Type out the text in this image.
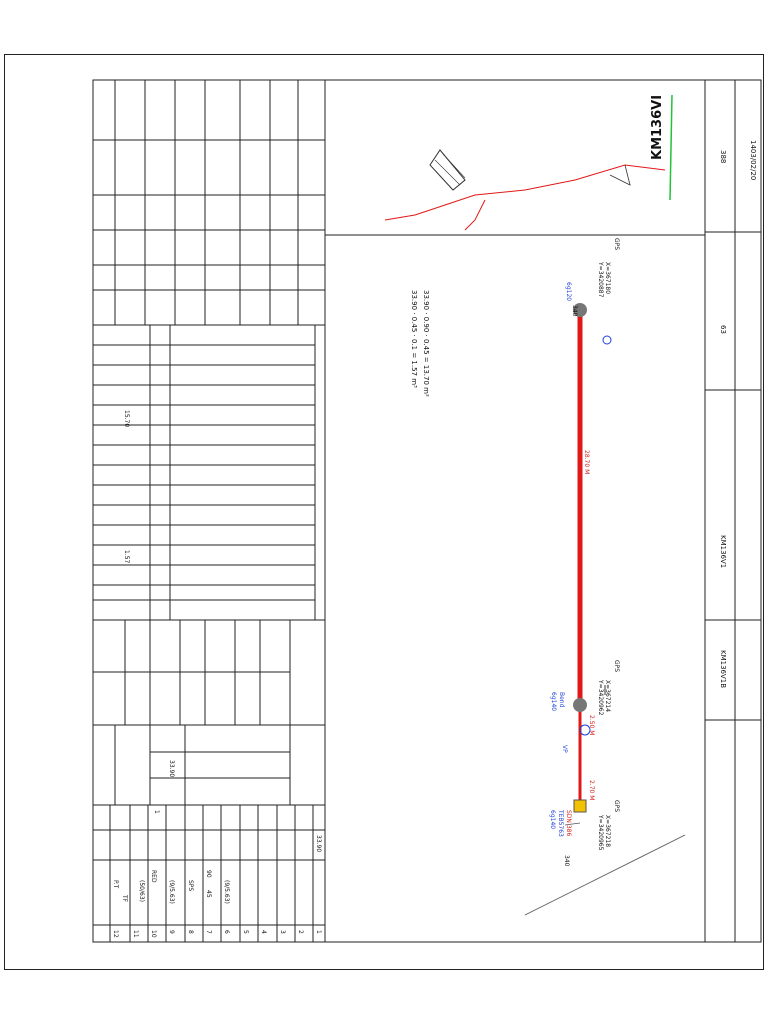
1403/02/20
388
63
KM136V1
KM136V1B
KM136VI
GPS
X=367180
Y=3420887
6g120
28.70 M
GPS
X=367214
Y=3420962
Bend
6g140
2.50 M
VP
2.70 M
GPS
X=367218
Y=3420965
SDN 386
TEB5763
6g140
340
340
33.90 · 0.90 · 0.45 = 13.70 m²
33.90 · 0.45 · 0.1 = 1.57 m³
15.70
1.57
33.90
1
2
3
4
5
6
7
8
9
10
11
12
33.90
1
RED
(9/5.63) SPS
45
90
(50/63)	(9/5.63)
TF
P.T
